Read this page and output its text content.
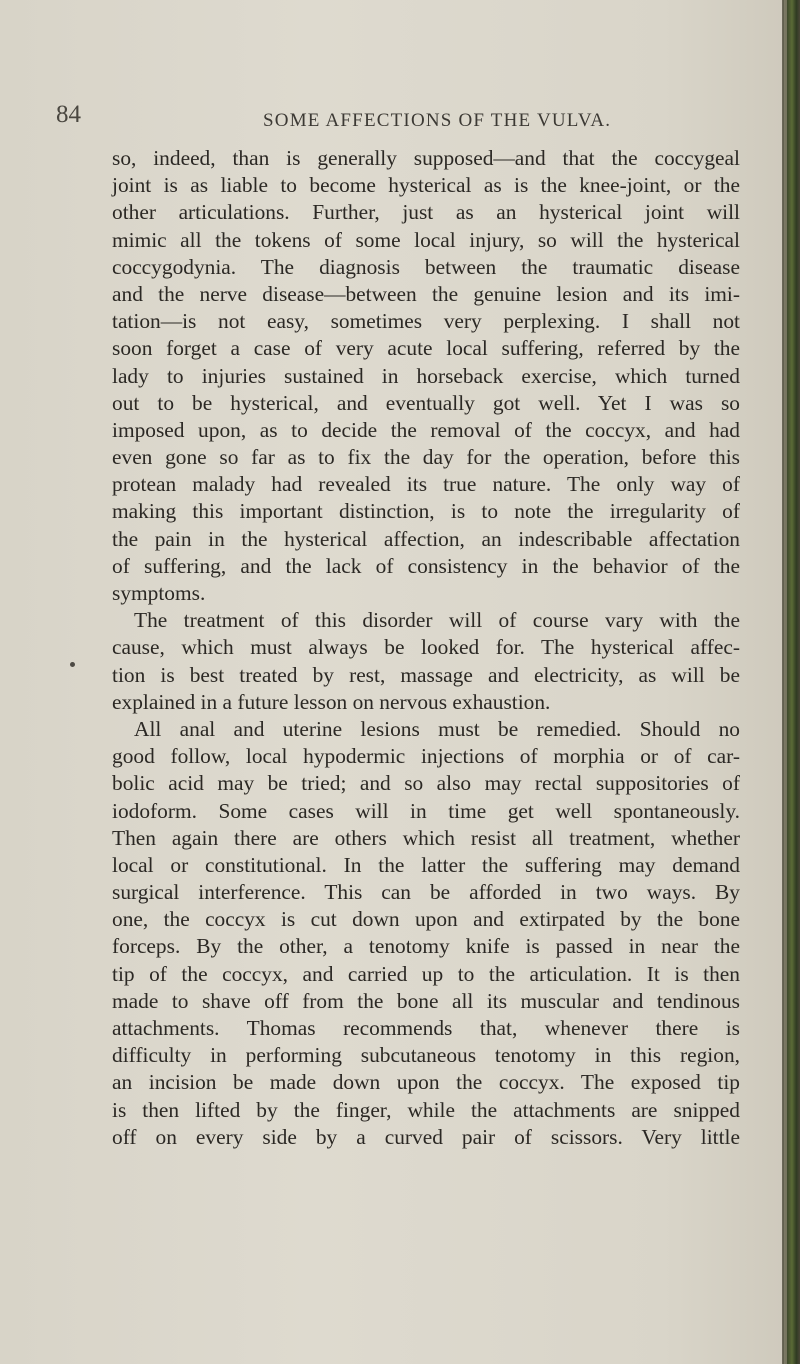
84	SOME AFFECTIONS OF THE VULVA.
so, indeed, than is generally supposed—and that the coccygeal
joint is as liable to become hysterical as is the knee-joint, or the
other articulations. Further, just as an hysterical joint will
mimic all the tokens of some local injury, so will the hysterical
coccygodynia. The diagnosis between the traumatic disease
and the nerve disease—between the genuine lesion and its imi-
tation—is not easy, sometimes very perplexing. I shall not
soon forget a case of very acute local suffering, referred by the
lady to injuries sustained in horseback exercise, which turned
out to be hysterical, and eventually got well. Yet I was so
imposed upon, as to decide the removal of the coccyx, and had
even gone so far as to fix the day for the operation, before this
protean malady had revealed its true nature. The only way of
making this important distinction, is to note the irregularity of
the pain in the hysterical affection, an indescribable affectation
of suffering, and the lack of consistency in the behavior of the
symptoms.
The treatment of this disorder will of course vary with the
cause, which must always be looked for. The hysterical affec-
tion is best treated by rest, massage and electricity, as will be
explained in a future lesson on nervous exhaustion.
All anal and uterine lesions must be remedied. Should no
good follow, local hypodermic injections of morphia or of car-
bolic acid may be tried; and so also may rectal suppositories of
iodoform. Some cases will in time get well spontaneously.
Then again there are others which resist all treatment, whether
local or constitutional. In the latter the suffering may demand
surgical interference. This can be afforded in two ways. By
one, the coccyx is cut down upon and extirpated by the bone
forceps. By the other, a tenotomy knife is passed in near the
tip of the coccyx, and carried up to the articulation. It is then
made to shave off from the bone all its muscular and tendinous
attachments. Thomas recommends that, whenever there is
difficulty in performing subcutaneous tenotomy in this region,
an incision be made down upon the coccyx. The exposed tip
is then lifted by the finger, while the attachments are snipped
off on every side by a curved pair of scissors. Very little
